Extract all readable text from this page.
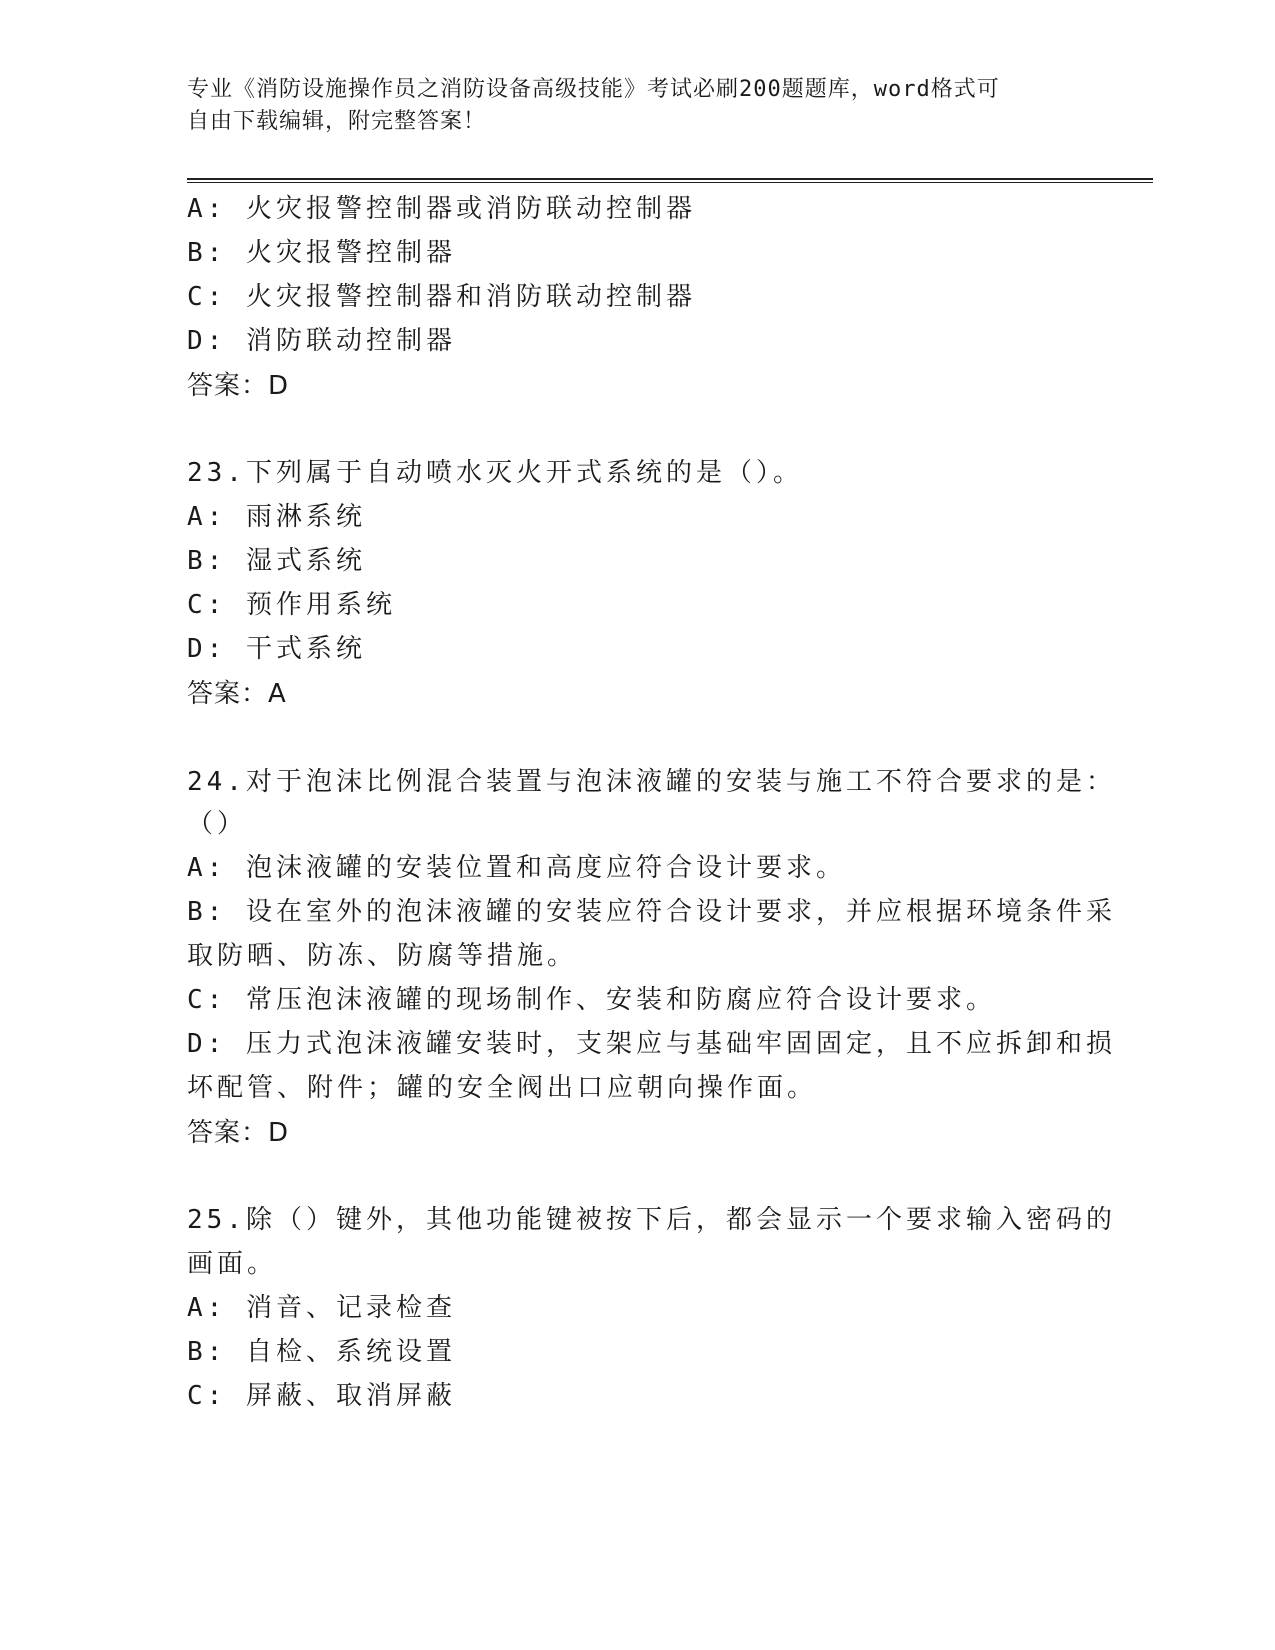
专业《消防设施操作员之消防设备高级技能》考试必刷200题题库，word格式可
自由下载编辑，附完整答案！
A: 火灾报警控制器或消防联动控制器
B: 火灾报警控制器
C: 火灾报警控制器和消防联动控制器
D: 消防联动控制器
答案：D
23.下列属于自动喷水灭火开式系统的是（）。
A: 雨淋系统
B: 湿式系统
C: 预作用系统
D: 干式系统
答案：A
24.对于泡沫比例混合装置与泡沫液罐的安装与施工不符合要求的是：
（）
A: 泡沫液罐的安装位置和高度应符合设计要求。
B: 设在室外的泡沫液罐的安装应符合设计要求，并应根据环境条件采
取防晒、防冻、防腐等措施。
C: 常压泡沫液罐的现场制作、安装和防腐应符合设计要求。
D: 压力式泡沫液罐安装时，支架应与基础牢固固定，且不应拆卸和损
坏配管、附件；罐的安全阀出口应朝向操作面。
答案：D
25.除（）键外，其他功能键被按下后，都会显示一个要求输入密码的
画面。
A: 消音、记录检查
B: 自检、系统设置
C: 屏蔽、取消屏蔽
